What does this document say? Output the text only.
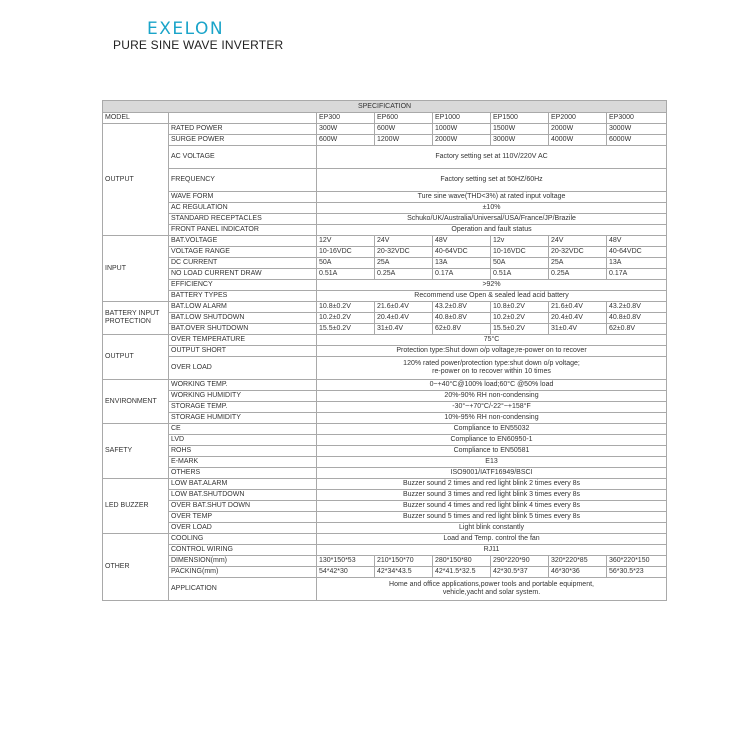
EXELON
PURE SINE WAVE INVERTER
SPECIFICATION							
MODEL		EP300	EP600	EP1000	EP1500	EP2000	EP3000
OUTPUT	RATED POWER	300W	600W	1000W	1500W	2000W	3000W
	SURGE POWER	600W	1200W	2000W	3000W	4000W	6000W
	AC VOLTAGE	Factory setting set at 110V/220V AC					
	FREQUENCY	Factory setting set at 50HZ/60Hz					
	WAVE FORM	Ture sine wave(THD<3%) at rated input voltage					
	AC REGULATION	±10%					
	STANDARD RECEPTACLES	Schuko/UK/Australia/Universal/USA/France/JP/Brazile					
	FRONT PANEL INDICATOR	Operation and fault status					
INPUT	BAT.VOLTAGE	12V	24V	48V	12v	24V	48V
	VOLTAGE RANGE	10-16VDC	20-32VDC	40-64VDC	10-16VDC	20-32VDC	40-64VDC
	DC CURRENT	50A	25A	13A	50A	25A	13A
	NO LOAD CURRENT DRAW	0.51A	0.25A	0.17A	0.51A	0.25A	0.17A
	EFFICIENCY	>92%					
	BATTERY TYPES	Recommend use Open & sealed lead acid battery					
BATTERY INPUT PROTECTION	BAT.LOW ALARM	10.8±0.2V	21.6±0.4V	43.2±0.8V	10.8±0.2V	21.6±0.4V	43.2±0.8V
	BAT.LOW SHUTDOWN	10.2±0.2V	20.4±0.4V	40.8±0.8V	10.2±0.2V	20.4±0.4V	40.8±0.8V
	BAT.OVER SHUTDOWN	15.5±0.2V	31±0.4V	62±0.8V	15.5±0.2V	31±0.4V	62±0.8V
OUTPUT	OVER TEMPERATURE	75°C					
	OUTPUT SHORT	Protection type:Shut down o/p voltage;re-power on to recover					
	OVER LOAD	120% rated power/protection type:shut down o/p voltage;
re-power on to recover within 10 times					

ENVIRONMENT	WORKING TEMP.	0~+40°C@100% load;60°C @50% load					
	WORKING HUMIDITY	20%-90% RH non-condensing					
	STORAGE TEMP.	-30°~+70°C/-22°~+158°F					
	STORAGE HUMIDITY	10%-95% RH non-condensing					
SAFETY	CE	Compliance to EN55032					
	LVD	Compliance to EN60950-1					
	ROHS	Compliance to EN50581					
	E-MARK	E13					
	OTHERS	ISO9001/IATF16949/BSCI					
LED BUZZER	LOW BAT.ALARM	Buzzer sound 2 times and red light blink 2 times every 8s					
	LOW BAT.SHUTDOWN	Buzzer sound 3 times and red light blink 3 times every 8s					
	OVER BAT.SHUT DOWN	Buzzer sound 4 times and red light blink 4 times every 8s					
	OVER TEMP	Buzzer sound 5 times and red light blink 5 times every 8s					
	OVER LOAD	Light blink constantly					
OTHER	COOLING	Load and Temp. control the fan					
	CONTROL WIRING	RJ11					
	DIMENSION(mm)	130*150*53	210*150*70	280*150*80	290*220*90	320*220*85	360*220*150
	PACKING(mm)	54*42*30	42*34*43.5	42*41.5*32.5	42*30.5*37	46*30*36	56*30.5*23
	APPLICATION	Home and office applications,power tools and portable equipment,
vehicle,yacht and solar system.					
